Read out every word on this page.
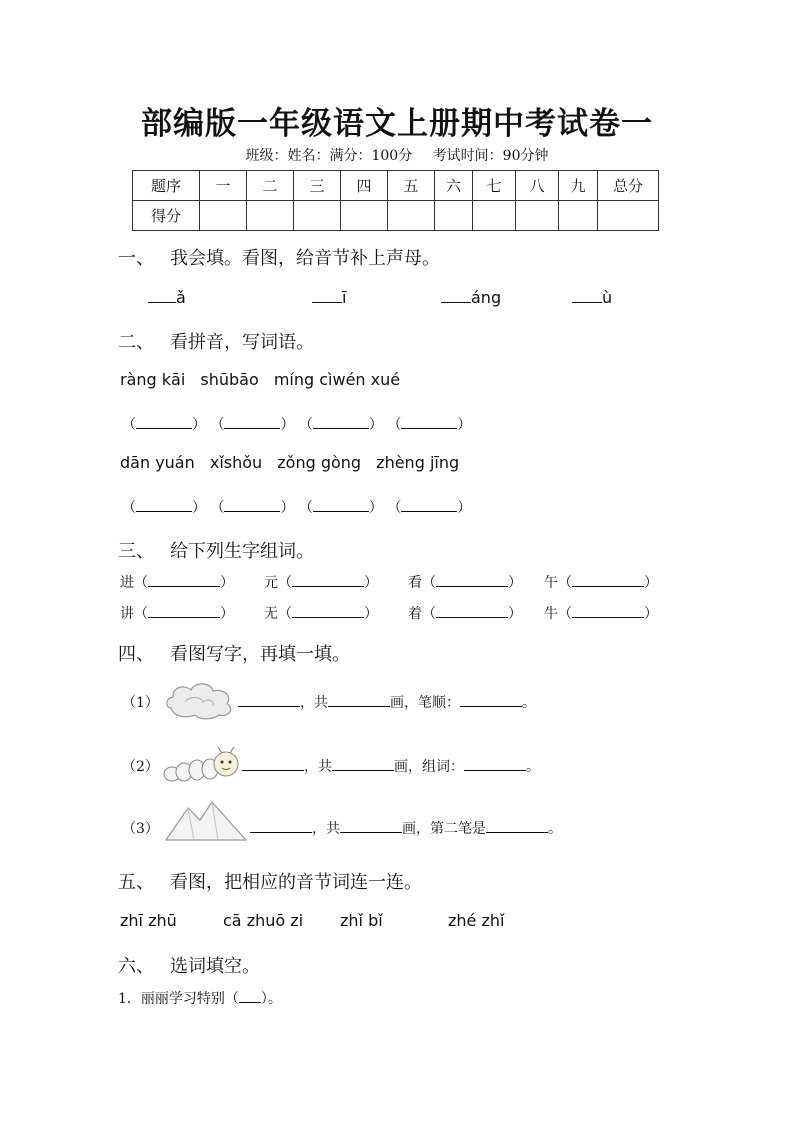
部编版一年级语文上册期中考试卷一
班级：姓名：满分：100分 考试时间：90分钟
题序	一	二	三	四	五	六	七	八	九	总分
得分										
一、 我会填。看图，给音节补上声母。
ǎ	ī	áng	ù
二、 看拼音，写词语。
ràng kāi shūbāo míng cìwén xué
（	） （	） （	） （	）
dān yuán xǐshǒu zǒng gòng zhèng jīng
（	） （	） （	） （	）
三、 给下列生字组词。
进（	） 元（	） 看（	） 午（	）
讲（	） 无（	） 着（	） 牛（	）
四、 看图写字，再填一填。
（1）	，共	画，笔顺：	。
（2）	，共	画，组词：	。
（3）	，共	画，第二笔是	。
五、 看图，把相应的音节词连一连。
zhī zhū	cā zhuō zi zhǐ bǐ	zhé zhǐ
六、 选词填空。
1．丽丽学习特别（ ）。
